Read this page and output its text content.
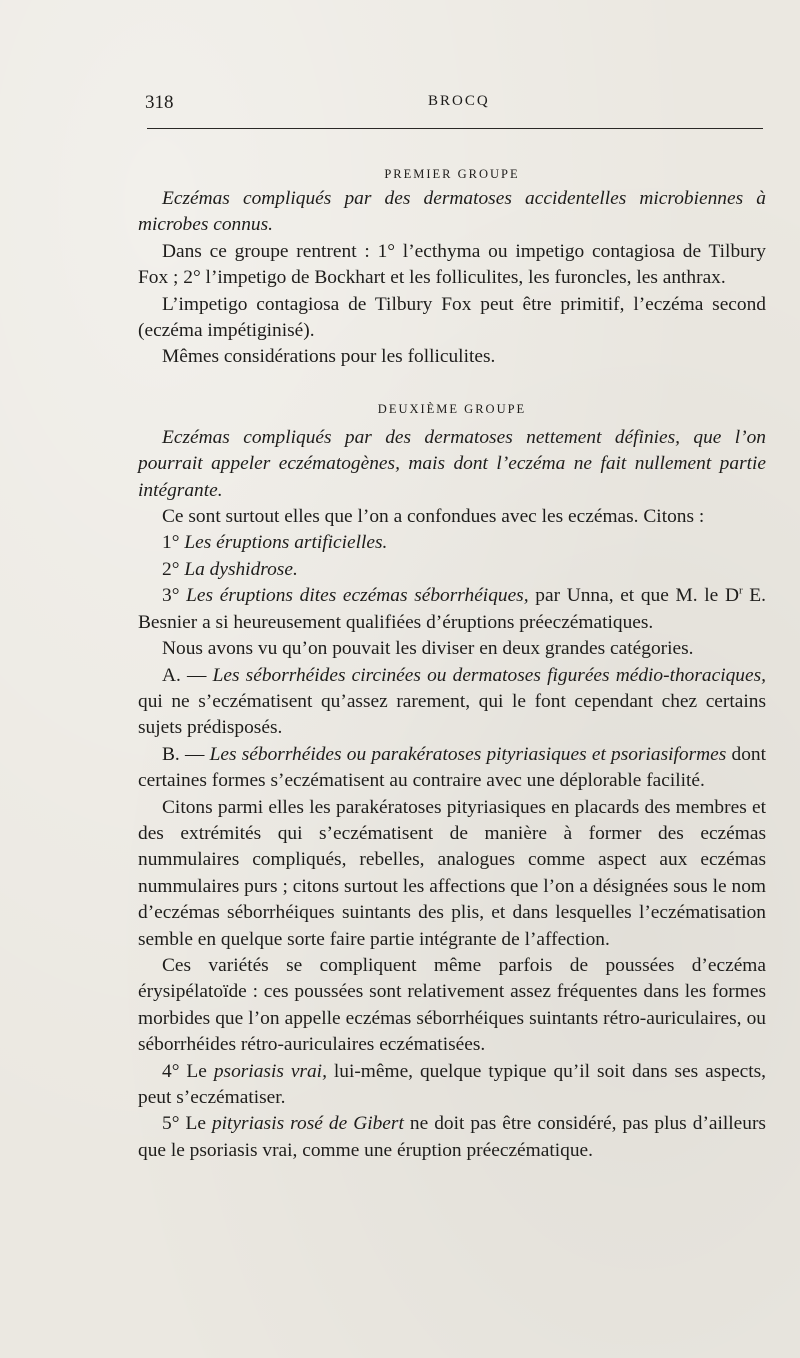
318	BROCQ

PREMIER GROUPE

Eczémas compliqués par des dermatoses accidentelles microbiennes à microbes connus.

Dans ce groupe rentrent : 1° l’ecthyma ou impetigo contagiosa de Tilbury Fox ; 2° l’impetigo de Bockhart et les folliculites, les furoncles, les anthrax.

L’impetigo contagiosa de Tilbury Fox peut être primitif, l’eczéma second (eczéma impétiginisé).

Mêmes considérations pour les folliculites.

DEUXIÈME GROUPE

Eczémas compliqués par des dermatoses nettement définies, que l’on pourrait appeler eczématogènes, mais dont l’eczéma ne fait nullement partie intégrante.

Ce sont surtout elles que l’on a confondues avec les eczémas. Citons :

1° Les éruptions artificielles.

2° La dyshidrose.

3° Les éruptions dites eczémas séborrhéiques, par Unna, et que M. le $D^r$ E. Besnier a si heureusement qualifiées d’éruptions préeczématiques.

Nous avons vu qu’on pouvait les diviser en deux grandes catégories.

A. — Les séborrhéides circinées ou dermatoses figurées médio-thoraciques, qui ne s’eczématisent qu’assez rarement, qui le font cependant chez certains sujets prédisposés.

B. — Les séborrhéides ou parakératoses pityriasiques et psoriasiformes dont certaines formes s’eczématisent au contraire avec une déplorable facilité.

Citons parmi elles les parakératoses pityriasiques en placards des membres et des extrémités qui s’eczématisent de manière à former des eczémas nummulaires compliqués, rebelles, analogues comme aspect aux eczémas nummulaires purs ; citons surtout les affections que l’on a désignées sous le nom d’eczémas séborrhéiques suintants des plis, et dans lesquelles l’eczématisation semble en quelque sorte faire partie intégrante de l’affection.

Ces variétés se compliquent même parfois de poussées d’eczéma érysipélatoïde : ces poussées sont relativement assez fréquentes dans les formes morbides que l’on appelle eczémas séborrhéiques suintants rétro-auriculaires, ou séborrhéides rétro-auriculaires eczématisées.

4° Le psoriasis vrai, lui-même, quelque typique qu’il soit dans ses aspects, peut s’eczématiser.

5° Le pityriasis rosé de Gibert ne doit pas être considéré, pas plus d’ailleurs que le psoriasis vrai, comme une éruption préeczématique.
